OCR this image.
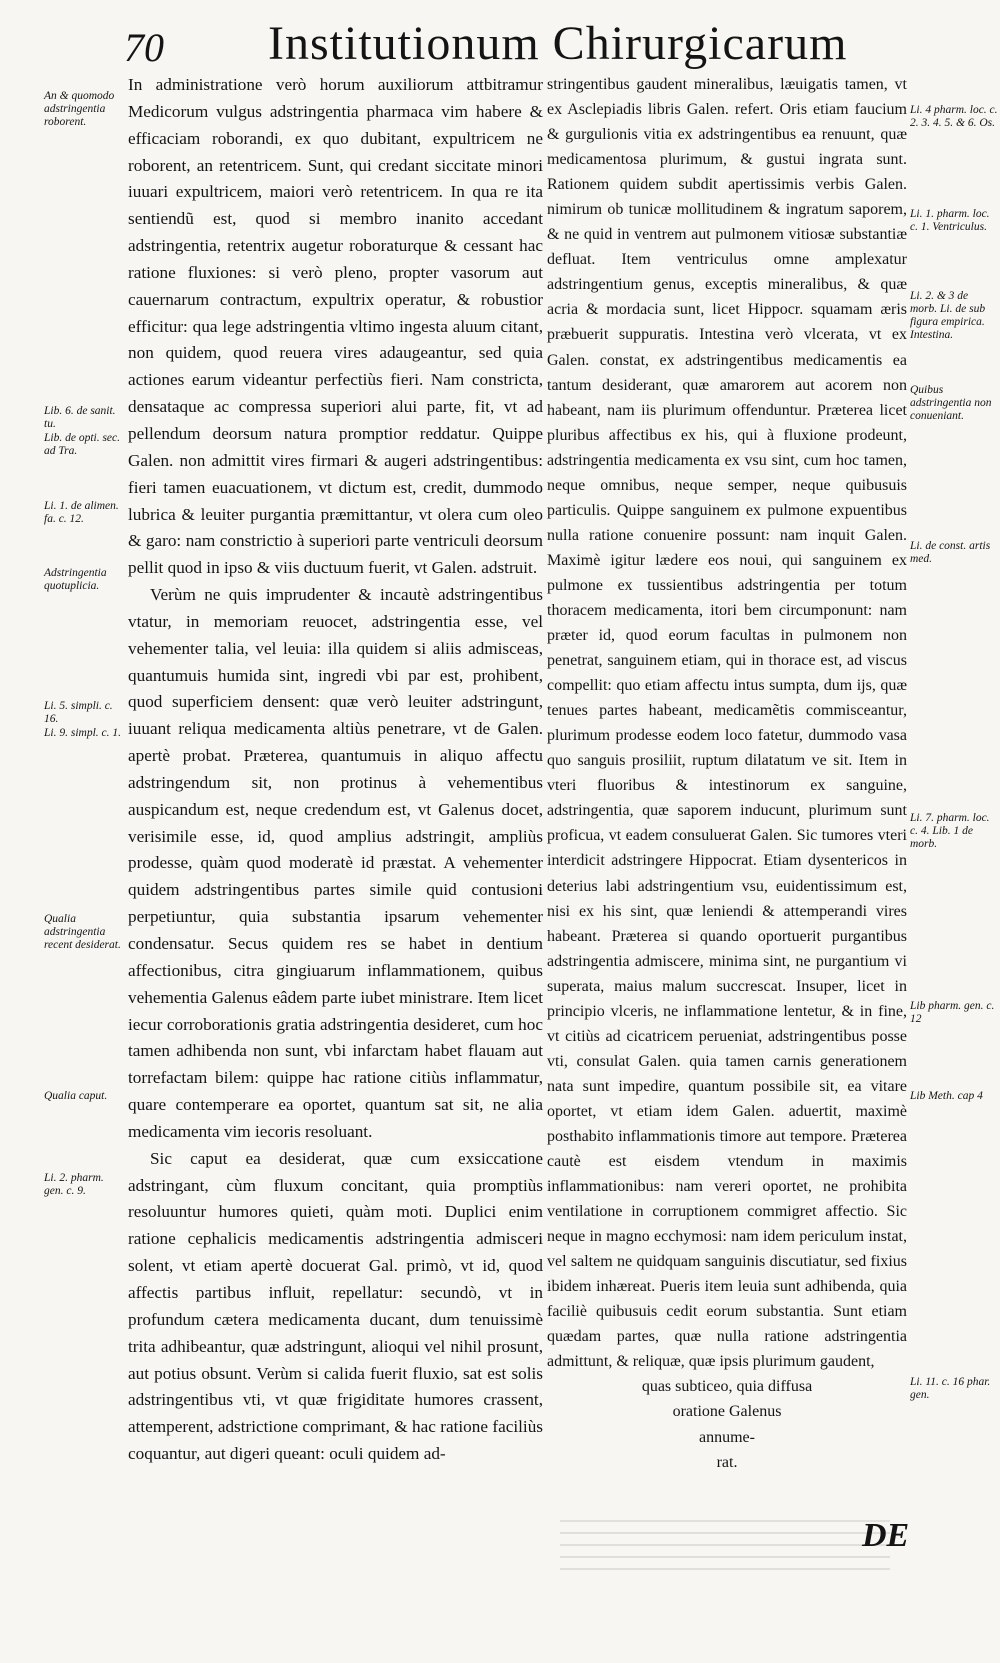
70 Institutionum Chirurgicarum
An & quomodo adstringentia roborent.
Lib. 6. de sanit. tu.
Lib. de opti. sec. ad Tra.
Li. 1. de alimen. fa. c. 12.
Adstringentia quotuplicia.
Li. 5. simpli. c. 16.
Li. 9. simpl. c. 1.
Qualia adstringentia recent desiderat.
Qualia caput.
Li. 2. pharm. gen. c. 9.

In administratione verò horum auxiliorum attbitramur Medicorum vulgus adstringentia pharmaca vim habere & efficaciam roborandi, ex quo dubitant, expultricem ne roborent, an retentricem. Sunt, qui credant siccitate minori iuuari expultricem, maiori verò retentricem. In qua re ita sentiendũ est, quod si membro inanito accedant adstringentia, retentrix augetur roboraturque & cessant hac ratione fluxiones: si verò pleno, propter vasorum aut cauernarum contractum, expultrix operatur, & robustior efficitur: qua lege adstringentia vltimo ingesta aluum citant, non quidem, quod reuera vires adaugeantur, sed quia actiones earum videantur perfectiùs fieri. Nam constricta, densataque ac compressa superiori alui parte, fit, vt ad pellendum deorsum natura promptior reddatur. Quippe Galen. non admittit vires firmari & augeri adstringentibus: fieri tamen euacuationem, vt dictum est, credit, dummodo lubrica & leuiter purgantia præmittantur, vt olera cum oleo & garo: nam constrictio à superiori parte ventriculi deorsum pellit quod in ipso & viis ductuum fuerit, vt Galen. adstruit.

Verùm ne quis imprudenter & incautè adstringentibus vtatur, in memoriam reuocet, adstringentia esse, vel vehementer talia, vel leuia: illa quidem si aliis admisceas, quantumuis humida sint, ingredi vbi par est, prohibent, quod superficiem densent: quæ verò leuiter adstringunt, iuuant reliqua medicamenta altiùs penetrare, vt de Galen. apertè probat. Præterea, quantumuis in aliquo affectu adstringendum sit, non protinus à vehementibus auspicandum est, neque credendum est, vt Galenus docet, verisimile esse, id, quod amplius adstringit, ampliùs prodesse, quàm quod moderatè id præstat. A vehementer quidem adstringentibus partes simile quid contusioni perpetiuntur, quia substantia ipsarum vehementer condensatur. Secus quidem res se habet in dentium affectionibus, citra gingiuarum inflammationem, quibus vehementia Galenus eâdem parte iubet ministrare. Item licet iecur corroborationis gratia adstringentia desideret, cum hoc tamen adhibenda non sunt, vbi infarctam habet flauam aut torrefactam bilem: quippe hac ratione citiùs inflammatur, quare contemperare ea oportet, quantum sat sit, ne alia medicamenta vim iecoris resoluant.

Sic caput ea desiderat, quæ cum exsiccatione adstringant, cùm fluxum concitant, quia promptiùs resoluuntur humores quieti, quàm moti. Duplici enim ratione cephalicis medicamentis adstringentia admisceri solent, vt etiam apertè docuerat Gal. primò, vt id, quod affectis partibus influit, repellatur: secundò, vt in profundum cætera medicamenta ducant, dum tenuissimè trita adhibeantur, quæ adstringunt, alioqui vel nihil prosunt, aut potius obsunt. Verùm si calida fuerit fluxio, sat est solis adstringentibus vti, vt quæ frigiditate humores crassent, attemperent, adstrictione comprimant, & hac ratione faciliùs coquantur, aut digeri queant: oculi quidem ad-

stringentibus gaudent mineralibus, læuigatis tamen, vt ex Asclepiadis libris Galen. refert. Oris etiam faucium & gurgulionis vitia ex adstringentibus ea renuunt, quæ medicamentosa plurimum, & gustui ingrata sunt. Rationem quidem subdit apertissimis verbis Galen. nimirum ob tunicæ mollitudinem & ingratum saporem, & ne quid in ventrem aut pulmonem vitiosæ substantiæ defluat. Item ventriculus omne amplexatur adstringentium genus, exceptis mineralibus, & quæ acria & mordacia sunt, licet Hippocr. squamam æris præbuerit suppuratis. Intestina verò vlcerata, vt ex Galen. constat, ex adstringentibus medicamentis ea tantum desiderant, quæ amarorem aut acorem non habeant, nam iis plurimum offenduntur. Præterea licet pluribus affectibus ex his, qui à fluxione prodeunt, adstringentia medicamenta ex vsu sint, cum hoc tamen, neque omnibus, neque semper, neque quibusuis particulis. Quippe sanguinem ex pulmone expuentibus nulla ratione conuenire possunt: nam inquit Galen. Maximè igitur lædere eos noui, qui sanguinem ex pulmone ex tussientibus adstringentia per totum thoracem medicamenta, itori bem circumponunt: nam præter id, quod eorum facultas in pulmonem non penetrat, sanguinem etiam, qui in thorace est, ad viscus compellit: quo etiam affectu intus sumpta, dum ijs, quæ tenues partes habeant, medicamẽtis commisceantur, plurimum prodesse eodem loco fatetur, dummodo vasa quo sanguis prosiliit, ruptum dilatatum ve sit. Item in vteri fluoribus & intestinorum ex sanguine, adstringentia, quæ saporem inducunt, plurimum sunt proficua, vt eadem consuluerat Galen. Sic tumores vteri interdicit adstringere Hippocrat. Etiam dysentericos in deterius labi adstringentium vsu, euidentissimum est, nisi ex his sint, quæ leniendi & attemperandi vires habeant. Præterea si quando oportuerit purgantibus adstringentia admiscere, minima sint, ne purgantium vi superata, maius malum succrescat. Insuper, licet in principio vlceris, ne inflammatione lentetur, & in fine, vt citiùs ad cicatricem perueniat, adstringentibus posse vti, consulat Galen. quia tamen carnis generationem nata sunt impedire, quantum possibile sit, ea vitare oportet, vt etiam idem Galen. aduertit, maximè posthabito inflammationis timore aut tempore. Præterea cautè est eisdem vtendum in maximis inflammationibus: nam vereri oportet, ne prohibita ventilatione in corruptionem commigret affectio. Sic neque in magno ecchymosi: nam idem periculum instat, vel saltem ne quidquam sanguinis discutiatur, sed fixius ibidem inhæreat. Pueris item leuia sunt adhibenda, quia faciliè quibusuis cedit eorum substantia. Sunt etiam quædam partes, quæ nulla ratione adstringentia admittunt, & reliquæ, quæ ipsis plurimum gaudent,

quas subticeo, quia diffusa
oratione Galenus
annume-
rat.
Li. 4 pharm. loc. c. 2. 3. 4. 5. & 6. Os.
Li. 1. pharm. loc. c. 1. Ventriculus.
Li. 2. & 3 de morb. Li. de sub figura empirica. Intestina.
Quibus adstringentia non conueniant.
Li. de const. artis med.
Li. 7. pharm. loc. c. 4. Lib. 1 de morb.
Lib pharm. gen. c. 12
Lib Meth. cap 4
Li. 11. c. 16 phar. gen.
DE
